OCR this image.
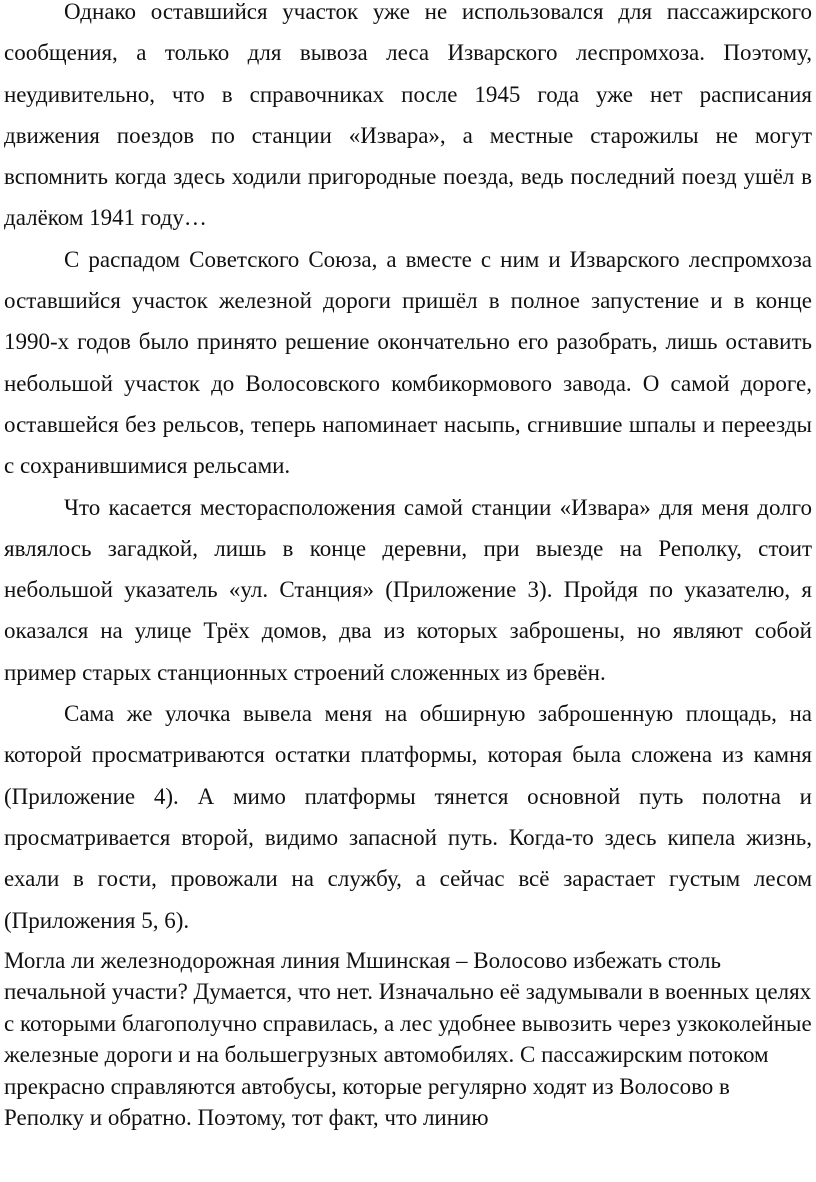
Однако оставшийся участок уже не использовался для пассажирского сообщения, а только для вывоза леса Изварского леспромхоза. Поэтому, неудивительно, что в справочниках после 1945 года уже нет расписания движения поездов по станции «Извара», а местные старожилы не могут вспомнить когда здесь ходили пригородные поезда, ведь последний поезд ушёл в далёком 1941 году…

С распадом Советского Союза, а вместе с ним и Изварского леспромхоза оставшийся участок железной дороги пришёл в полное запустение и в конце 1990-х годов было принято решение окончательно его разобрать, лишь оставить небольшой участок до Волосовского комбикормового завода. О самой дороге, оставшейся без рельсов, теперь напоминает насыпь, сгнившие шпалы и переезды с сохранившимися рельсами.

Что касается месторасположения самой станции «Извара» для меня долго являлось загадкой, лишь в конце деревни, при выезде на Реполку, стоит небольшой указатель «ул. Станция» (Приложение 3). Пройдя по указателю, я оказался на улице Трёх домов, два из которых заброшены, но являют собой пример старых станционных строений сложенных из бревён.

Сама же улочка вывела меня на обширную заброшенную площадь, на которой просматриваются остатки платформы, которая была сложена из камня (Приложение 4). А мимо платформы тянется основной путь полотна и просматривается второй, видимо запасной путь. Когда-то здесь кипела жизнь, ехали в гости, провожали на службу, а сейчас всё зарастает густым лесом (Приложения 5, 6).

Могла ли железнодорожная линия Мшинская – Волосово избежать столь печальной участи? Думается, что нет. Изначально её задумывали в военных целях с которыми благополучно справилась, а лес удобнее вывозить через узкоколейные железные дороги и на большегрузных автомобилях. С пассажирским потоком прекрасно справляются автобусы, которые регулярно ходят из Волосово в Реполку и обратно. Поэтому, тот факт, что линию
